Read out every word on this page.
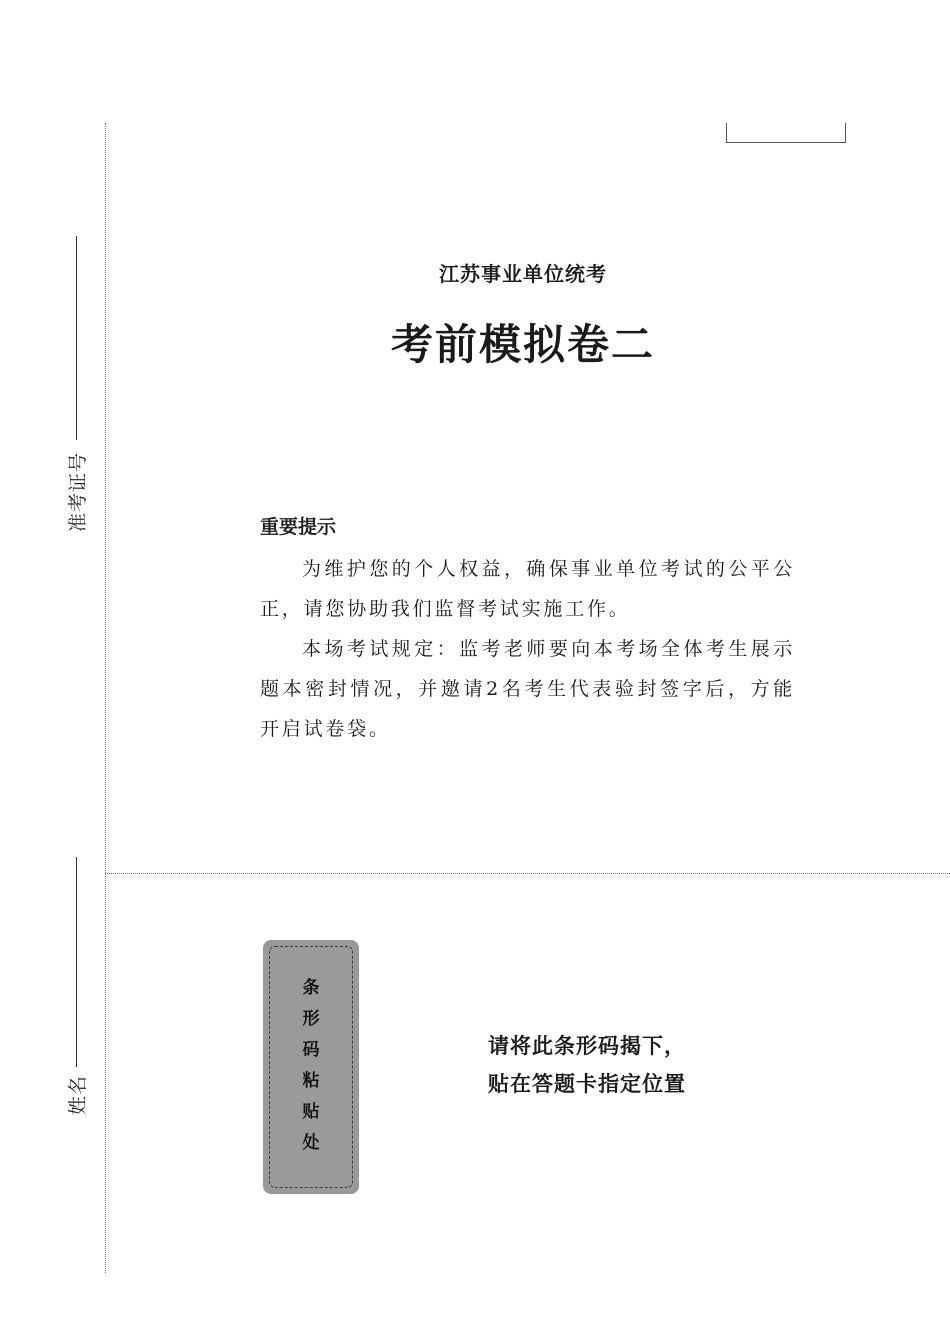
准考证号
姓名
江苏事业单位统考
考前模拟卷二
重要提示
为维护您的个人权益，确保事业单位考试的公平公正，请您协助我们监督考试实施工作。
本场考试规定：监考老师要向本考场全体考生展示题本密封情况，并邀请2名考生代表验封签字后，方能开启试卷袋。
条
形
码
粘
贴
处
请将此条形码揭下，
贴在答题卡指定位置
